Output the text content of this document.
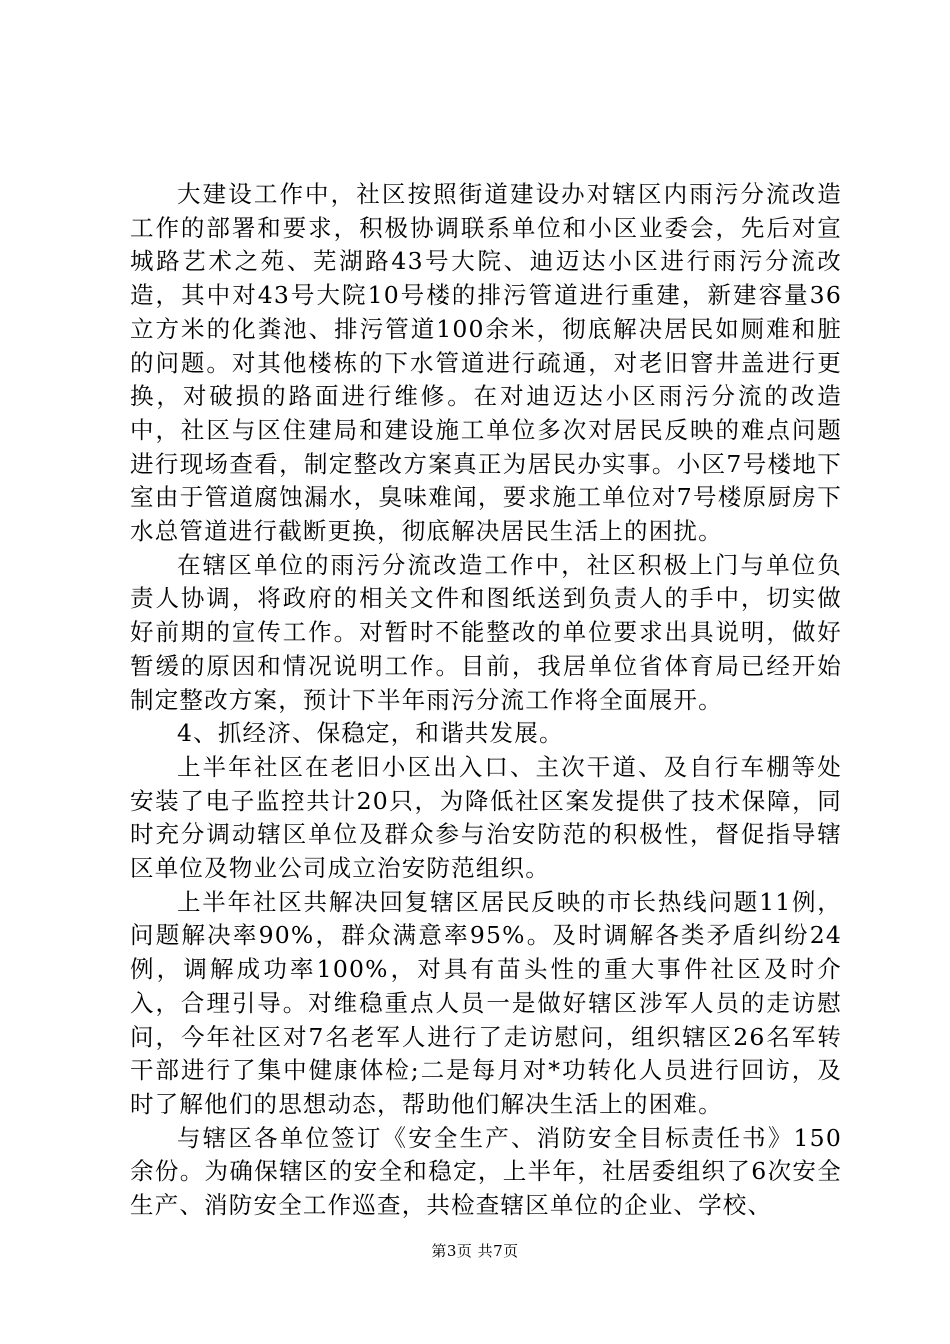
大建设工作中，社区按照街道建设办对辖区内雨污分流改造工作的部署和要求，积极协调联系单位和小区业委会，先后对宣城路艺术之苑、芜湖路43号大院、迪迈达小区进行雨污分流改造，其中对43号大院10号楼的排污管道进行重建，新建容量36立方米的化粪池、排污管道100余米，彻底解决居民如厕难和脏的问题。对其他楼栋的下水管道进行疏通，对老旧窨井盖进行更换，对破损的路面进行维修。在对迪迈达小区雨污分流的改造中，社区与区住建局和建设施工单位多次对居民反映的难点问题进行现场查看，制定整改方案真正为居民办实事。小区7号楼地下室由于管道腐蚀漏水，臭味难闻，要求施工单位对7号楼原厨房下水总管道进行截断更换，彻底解决居民生活上的困扰。

在辖区单位的雨污分流改造工作中，社区积极上门与单位负责人协调，将政府的相关文件和图纸送到负责人的手中，切实做好前期的宣传工作。对暂时不能整改的单位要求出具说明，做好暂缓的原因和情况说明工作。目前，我居单位省体育局已经开始制定整改方案，预计下半年雨污分流工作将全面展开。

4、抓经济、保稳定，和谐共发展。

上半年社区在老旧小区出入口、主次干道、及自行车棚等处安装了电子监控共计20只，为降低社区案发提供了技术保障，同时充分调动辖区单位及群众参与治安防范的积极性，督促指导辖区单位及物业公司成立治安防范组织。

上半年社区共解决回复辖区居民反映的市长热线问题11例，问题解决率90%，群众满意率95%。及时调解各类矛盾纠纷24例，调解成功率100%，对具有苗头性的重大事件社区及时介入，合理引导。对维稳重点人员一是做好辖区涉军人员的走访慰问，今年社区对7名老军人进行了走访慰问，组织辖区26名军转干部进行了集中健康体检;二是每月对*功转化人员进行回访，及时了解他们的思想动态，帮助他们解决生活上的困难。

与辖区各单位签订《安全生产、消防安全目标责任书》150余份。为确保辖区的安全和稳定，上半年，社居委组织了6次安全生产、消防安全工作巡查，共检查辖区单位的企业、学校、

第3页 共7页
